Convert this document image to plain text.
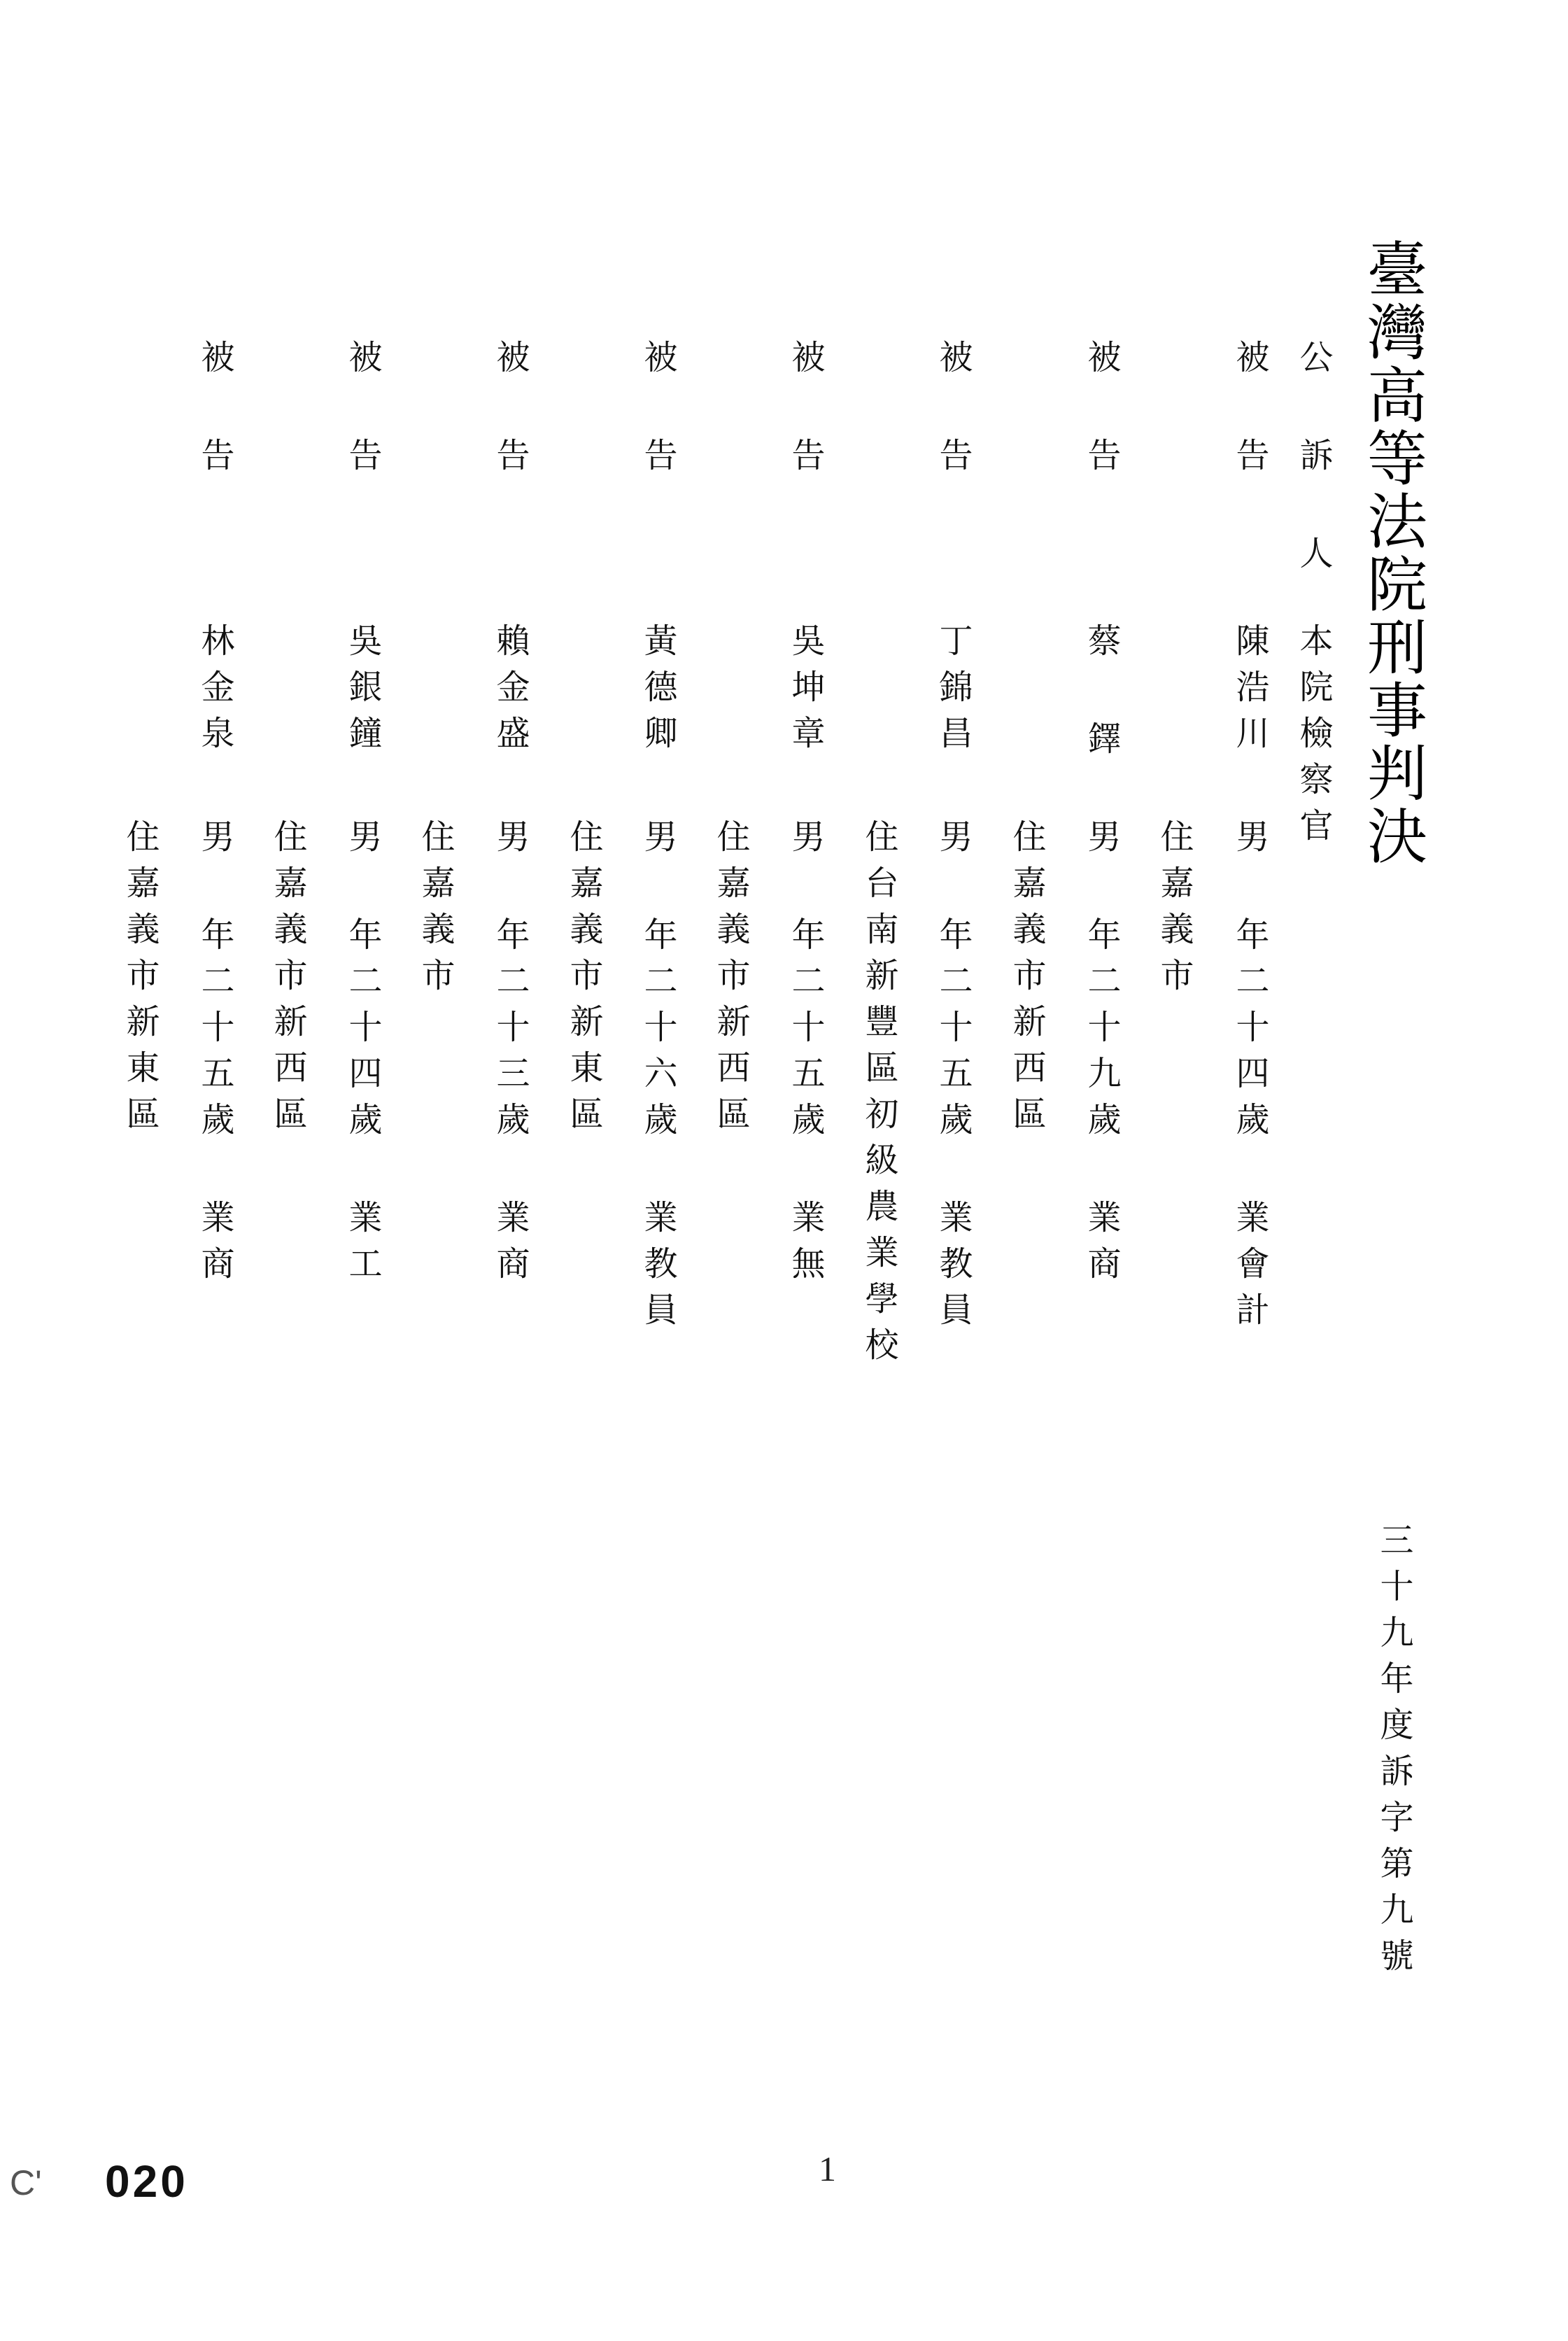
臺灣高等法院刑事判決
公 訴 人
本院檢察官
被 告
陳浩川
男 年二十四歲 業會計
住嘉義市
被 告
蔡 鐸
男 年二十九歲 業商
住嘉義市新西區
被 告
丁錦昌
男 年二十五歲 業教員
住台南新豐區初級農業學校
被 告
吳坤章
男 年二十五歲 業無
住嘉義市新西區
被 告
黃德卿
男 年二十六歲 業教員
住嘉義市新東區
被 告
賴金盛
男 年二十三歲 業商
住嘉義市
被 告
吳銀鐘
男 年二十四歲 業工
住嘉義市新西區
被 告
林金泉
男 年二十五歲 業商
住嘉義市新東區
三十九年度訴字第九號
1
020
C'
